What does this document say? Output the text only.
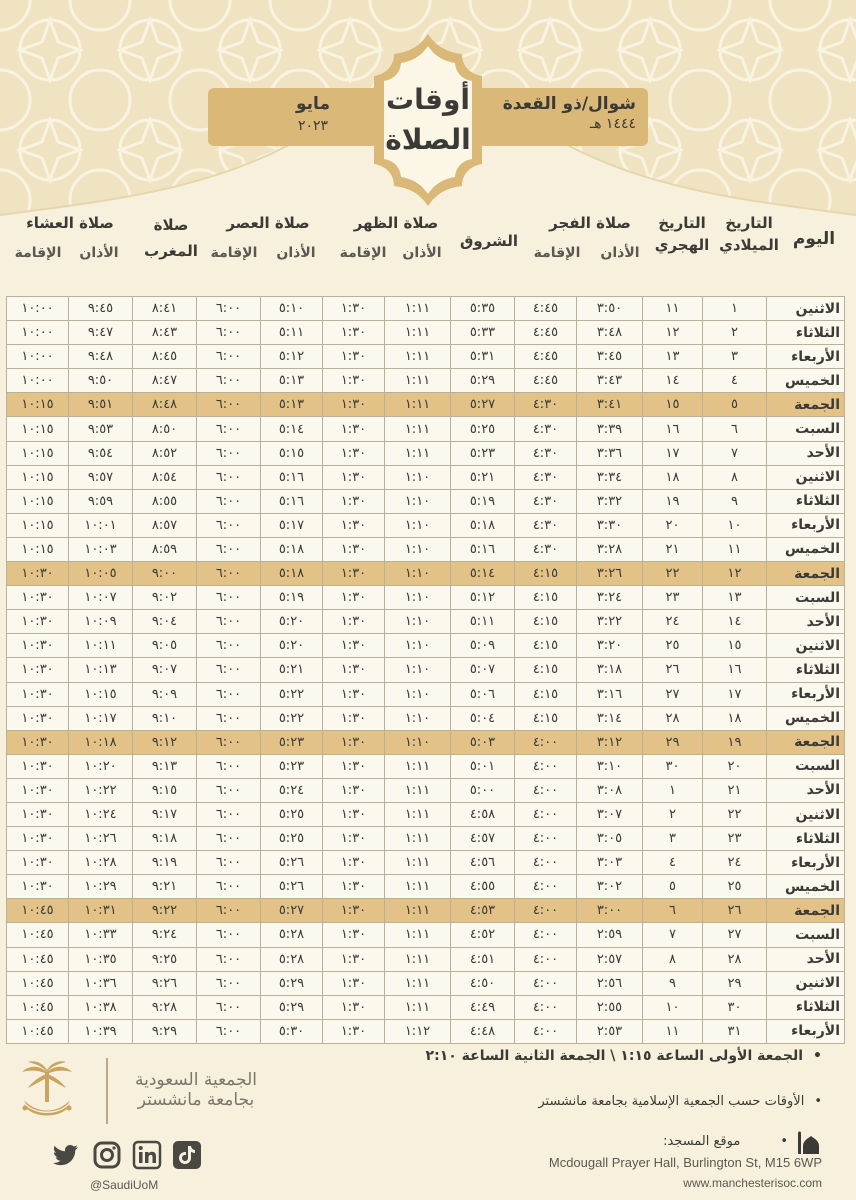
شوال/ذو القعدة
١٤٤٤ هـ
مايو
٢٠٢٣
أوقات
الصلاة
اليوم
التاريخ
الميلادي
التاريخ
الهجري
صلاة الفجر
الأذان
الإقامة
الشروق
صلاة الظهر
الأذان
الإقامة
صلاة العصر
الأذان
الإقامة
صلاة
المغرب
صلاة العشاء
الأذان
الإقامة
١٠:٠٠	٩:٤٥	٨:٤١	٦:٠٠	٥:١٠	١:٣٠	١:١١	٥:٣٥	٤:٤٥	٣:٥٠	١١	١	الاثنين
١٠:٠٠	٩:٤٧	٨:٤٣	٦:٠٠	٥:١١	١:٣٠	١:١١	٥:٣٣	٤:٤٥	٣:٤٨	١٢	٢	الثلاثاء
١٠:٠٠	٩:٤٨	٨:٤٥	٦:٠٠	٥:١٢	١:٣٠	١:١١	٥:٣١	٤:٤٥	٣:٤٥	١٣	٣	الأربعاء
١٠:٠٠	٩:٥٠	٨:٤٧	٦:٠٠	٥:١٣	١:٣٠	١:١١	٥:٢٩	٤:٤٥	٣:٤٣	١٤	٤	الخميس
١٠:١٥	٩:٥١	٨:٤٨	٦:٠٠	٥:١٣	١:٣٠	١:١١	٥:٢٧	٤:٣٠	٣:٤١	١٥	٥	الجمعة
١٠:١٥	٩:٥٣	٨:٥٠	٦:٠٠	٥:١٤	١:٣٠	١:١١	٥:٢٥	٤:٣٠	٣:٣٩	١٦	٦	السبت
١٠:١٥	٩:٥٤	٨:٥٢	٦:٠٠	٥:١٥	١:٣٠	١:١١	٥:٢٣	٤:٣٠	٣:٣٦	١٧	٧	الأحد
١٠:١٥	٩:٥٧	٨:٥٤	٦:٠٠	٥:١٦	١:٣٠	١:١٠	٥:٢١	٤:٣٠	٣:٣٤	١٨	٨	الاثنين
١٠:١٥	٩:٥٩	٨:٥٥	٦:٠٠	٥:١٦	١:٣٠	١:١٠	٥:١٩	٤:٣٠	٣:٣٢	١٩	٩	الثلاثاء
١٠:١٥	١٠:٠١	٨:٥٧	٦:٠٠	٥:١٧	١:٣٠	١:١٠	٥:١٨	٤:٣٠	٣:٣٠	٢٠	١٠	الأربعاء
١٠:١٥	١٠:٠٣	٨:٥٩	٦:٠٠	٥:١٨	١:٣٠	١:١٠	٥:١٦	٤:٣٠	٣:٢٨	٢١	١١	الخميس
١٠:٣٠	١٠:٠٥	٩:٠٠	٦:٠٠	٥:١٨	١:٣٠	١:١٠	٥:١٤	٤:١٥	٣:٢٦	٢٢	١٢	الجمعة
١٠:٣٠	١٠:٠٧	٩:٠٢	٦:٠٠	٥:١٩	١:٣٠	١:١٠	٥:١٢	٤:١٥	٣:٢٤	٢٣	١٣	السبت
١٠:٣٠	١٠:٠٩	٩:٠٤	٦:٠٠	٥:٢٠	١:٣٠	١:١٠	٥:١١	٤:١٥	٣:٢٢	٢٤	١٤	الأحد
١٠:٣٠	١٠:١١	٩:٠٥	٦:٠٠	٥:٢٠	١:٣٠	١:١٠	٥:٠٩	٤:١٥	٣:٢٠	٢٥	١٥	الاثنين
١٠:٣٠	١٠:١٣	٩:٠٧	٦:٠٠	٥:٢١	١:٣٠	١:١٠	٥:٠٧	٤:١٥	٣:١٨	٢٦	١٦	الثلاثاء
١٠:٣٠	١٠:١٥	٩:٠٩	٦:٠٠	٥:٢٢	١:٣٠	١:١٠	٥:٠٦	٤:١٥	٣:١٦	٢٧	١٧	الأربعاء
١٠:٣٠	١٠:١٧	٩:١٠	٦:٠٠	٥:٢٢	١:٣٠	١:١٠	٥:٠٤	٤:١٥	٣:١٤	٢٨	١٨	الخميس
١٠:٣٠	١٠:١٨	٩:١٢	٦:٠٠	٥:٢٣	١:٣٠	١:١٠	٥:٠٣	٤:٠٠	٣:١٢	٢٩	١٩	الجمعة
١٠:٣٠	١٠:٢٠	٩:١٣	٦:٠٠	٥:٢٣	١:٣٠	١:١١	٥:٠١	٤:٠٠	٣:١٠	٣٠	٢٠	السبت
١٠:٣٠	١٠:٢٢	٩:١٥	٦:٠٠	٥:٢٤	١:٣٠	١:١١	٥:٠٠	٤:٠٠	٣:٠٨	١	٢١	الأحد
١٠:٣٠	١٠:٢٤	٩:١٧	٦:٠٠	٥:٢٥	١:٣٠	١:١١	٤:٥٨	٤:٠٠	٣:٠٧	٢	٢٢	الاثنين
١٠:٣٠	١٠:٢٦	٩:١٨	٦:٠٠	٥:٢٥	١:٣٠	١:١١	٤:٥٧	٤:٠٠	٣:٠٥	٣	٢٣	الثلاثاء
١٠:٣٠	١٠:٢٨	٩:١٩	٦:٠٠	٥:٢٦	١:٣٠	١:١١	٤:٥٦	٤:٠٠	٣:٠٣	٤	٢٤	الأربعاء
١٠:٣٠	١٠:٢٩	٩:٢١	٦:٠٠	٥:٢٦	١:٣٠	١:١١	٤:٥٥	٤:٠٠	٣:٠٢	٥	٢٥	الخميس
١٠:٤٥	١٠:٣١	٩:٢٢	٦:٠٠	٥:٢٧	١:٣٠	١:١١	٤:٥٣	٤:٠٠	٣:٠٠	٦	٢٦	الجمعة
١٠:٤٥	١٠:٣٣	٩:٢٤	٦:٠٠	٥:٢٨	١:٣٠	١:١١	٤:٥٢	٤:٠٠	٢:٥٩	٧	٢٧	السبت
١٠:٤٥	١٠:٣٥	٩:٢٥	٦:٠٠	٥:٢٨	١:٣٠	١:١١	٤:٥١	٤:٠٠	٢:٥٧	٨	٢٨	الأحد
١٠:٤٥	١٠:٣٦	٩:٢٦	٦:٠٠	٥:٢٩	١:٣٠	١:١١	٤:٥٠	٤:٠٠	٢:٥٦	٩	٢٩	الاثنين
١٠:٤٥	١٠:٣٨	٩:٢٨	٦:٠٠	٥:٢٩	١:٣٠	١:١١	٤:٤٩	٤:٠٠	٢:٥٥	١٠	٣٠	الثلاثاء
١٠:٤٥	١٠:٣٩	٩:٢٩	٦:٠٠	٥:٣٠	١:٣٠	١:١٢	٤:٤٨	٤:٠٠	٢:٥٣	١١	٣١	الأربعاء
•الجمعة الأولى الساعة ١:١٥ \ الجمعة الثانية الساعة ٢:١٠
•الأوقات حسب الجمعية الإسلامية بجامعة مانشستر
•موقع المسجد:
Mcdougall Prayer Hall, Burlington St, M15 6WP
www.manchesterisoc.com
الجمعية السعودية
بجامعة مانشستر
@SaudiUoM
